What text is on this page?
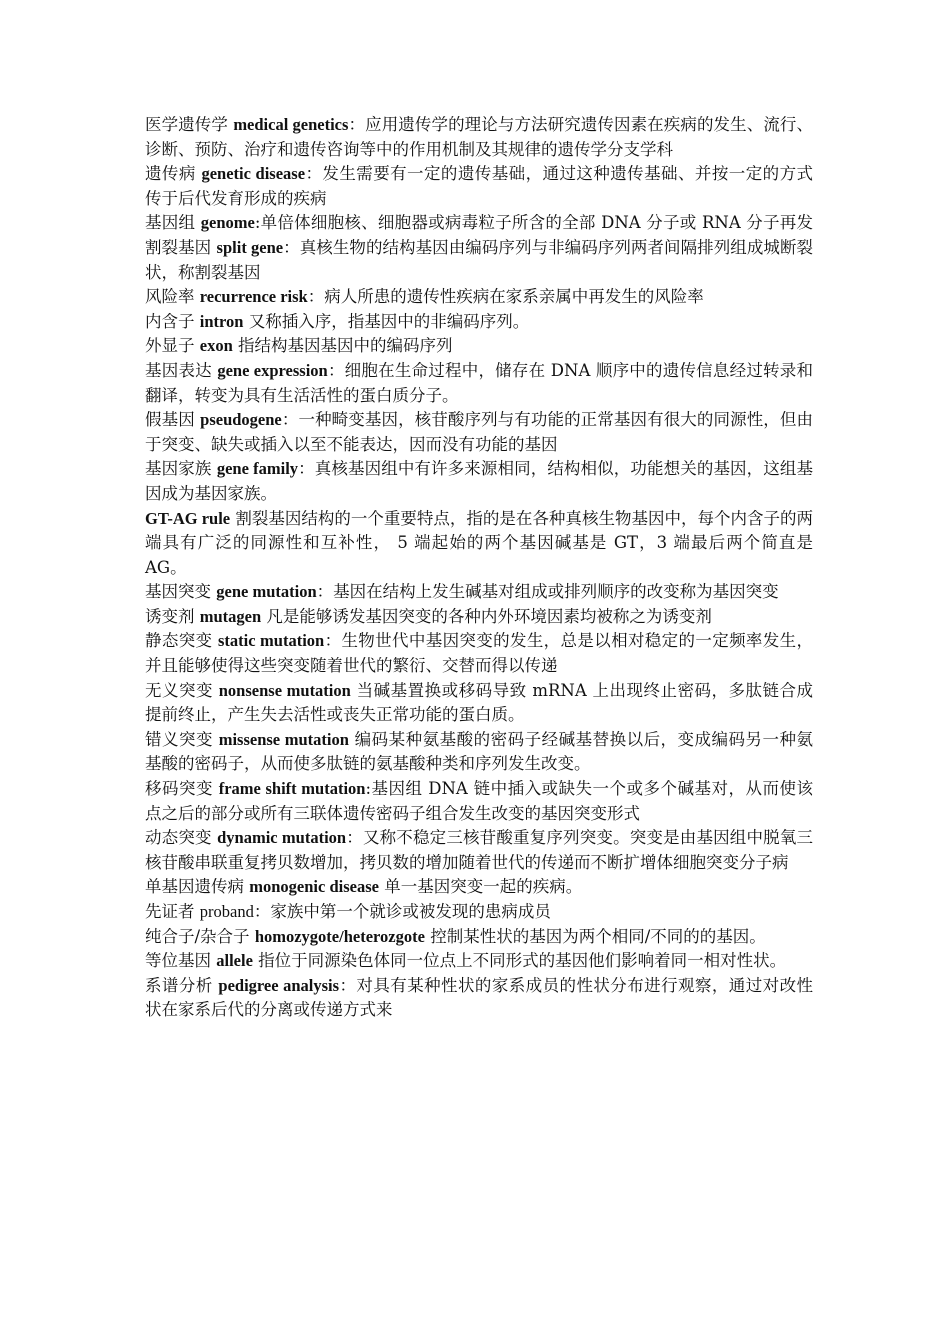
医学遗传学 medical genetics：应用遗传学的理论与方法研究遗传因素在疾病的发生、流行、诊断、预防、治疗和遗传咨询等中的作用机制及其规律的遗传学分支学科

遗传病 genetic disease：发生需要有一定的遗传基础，通过这种遗传基础、并按一定的方式传于后代发育形成的疾病

基因组 genome:单倍体细胞核、细胞器或病毒粒子所含的全部 DNA 分子或 RNA 分子再发割裂基因 split gene：真核生物的结构基因由编码序列与非编码序列两者间隔排列组成城断裂状，称割裂基因

风险率 recurrence risk：病人所患的遗传性疾病在家系亲属中再发生的风险率

内含子 intron 又称插入序，指基因中的非编码序列。

外显子 exon 指结构基因基因中的编码序列

基因表达 gene expression：细胞在生命过程中，储存在 DNA 顺序中的遗传信息经过转录和翻译，转变为具有生活活性的蛋白质分子。

假基因 pseudogene：一种畸变基因，核苷酸序列与有功能的正常基因有很大的同源性，但由于突变、缺失或插入以至不能表达，因而没有功能的基因

基因家族 gene family：真核基因组中有许多来源相同，结构相似，功能想关的基因，这组基因成为基因家族。

GT-AG rule 割裂基因结构的一个重要特点，指的是在各种真核生物基因中，每个内含子的两端具有广泛的同源性和互补性， 5 端起始的两个基因碱基是 GT，3 端最后两个简直是 AG。

基因突变 gene mutation：基因在结构上发生碱基对组成或排列顺序的改变称为基因突变

诱变剂 mutagen 凡是能够诱发基因突变的各种内外环境因素均被称之为诱变剂

静态突变 static mutation：生物世代中基因突变的发生，总是以相对稳定的一定频率发生，并且能够使得这些突变随着世代的繁衍、交替而得以传递

无义突变 nonsense mutation 当碱基置换或移码导致 mRNA 上出现终止密码，多肽链合成提前终止，产生失去活性或丧失正常功能的蛋白质。

错义突变 missense mutation 编码某种氨基酸的密码子经碱基替换以后，变成编码另一种氨基酸的密码子，从而使多肽链的氨基酸种类和序列发生改变。

移码突变 frame shift mutation:基因组 DNA 链中插入或缺失一个或多个碱基对，从而使该点之后的部分或所有三联体遗传密码子组合发生改变的基因突变形式

动态突变 dynamic mutation：又称不稳定三核苷酸重复序列突变。突变是由基因组中脱氧三核苷酸串联重复拷贝数增加，拷贝数的增加随着世代的传递而不断扩增体细胞突变分子病

单基因遗传病 monogenic disease 单一基因突变一起的疾病。

先证者 proband：家族中第一个就诊或被发现的患病成员

纯合子/杂合子 homozygote/heterozgote 控制某性状的基因为两个相同/不同的的基因。

等位基因 allele 指位于同源染色体同一位点上不同形式的基因他们影响着同一相对性状。

系谱分析 pedigree analysis：对具有某种性状的家系成员的性状分布进行观察，通过对改性状在家系后代的分离或传递方式来
